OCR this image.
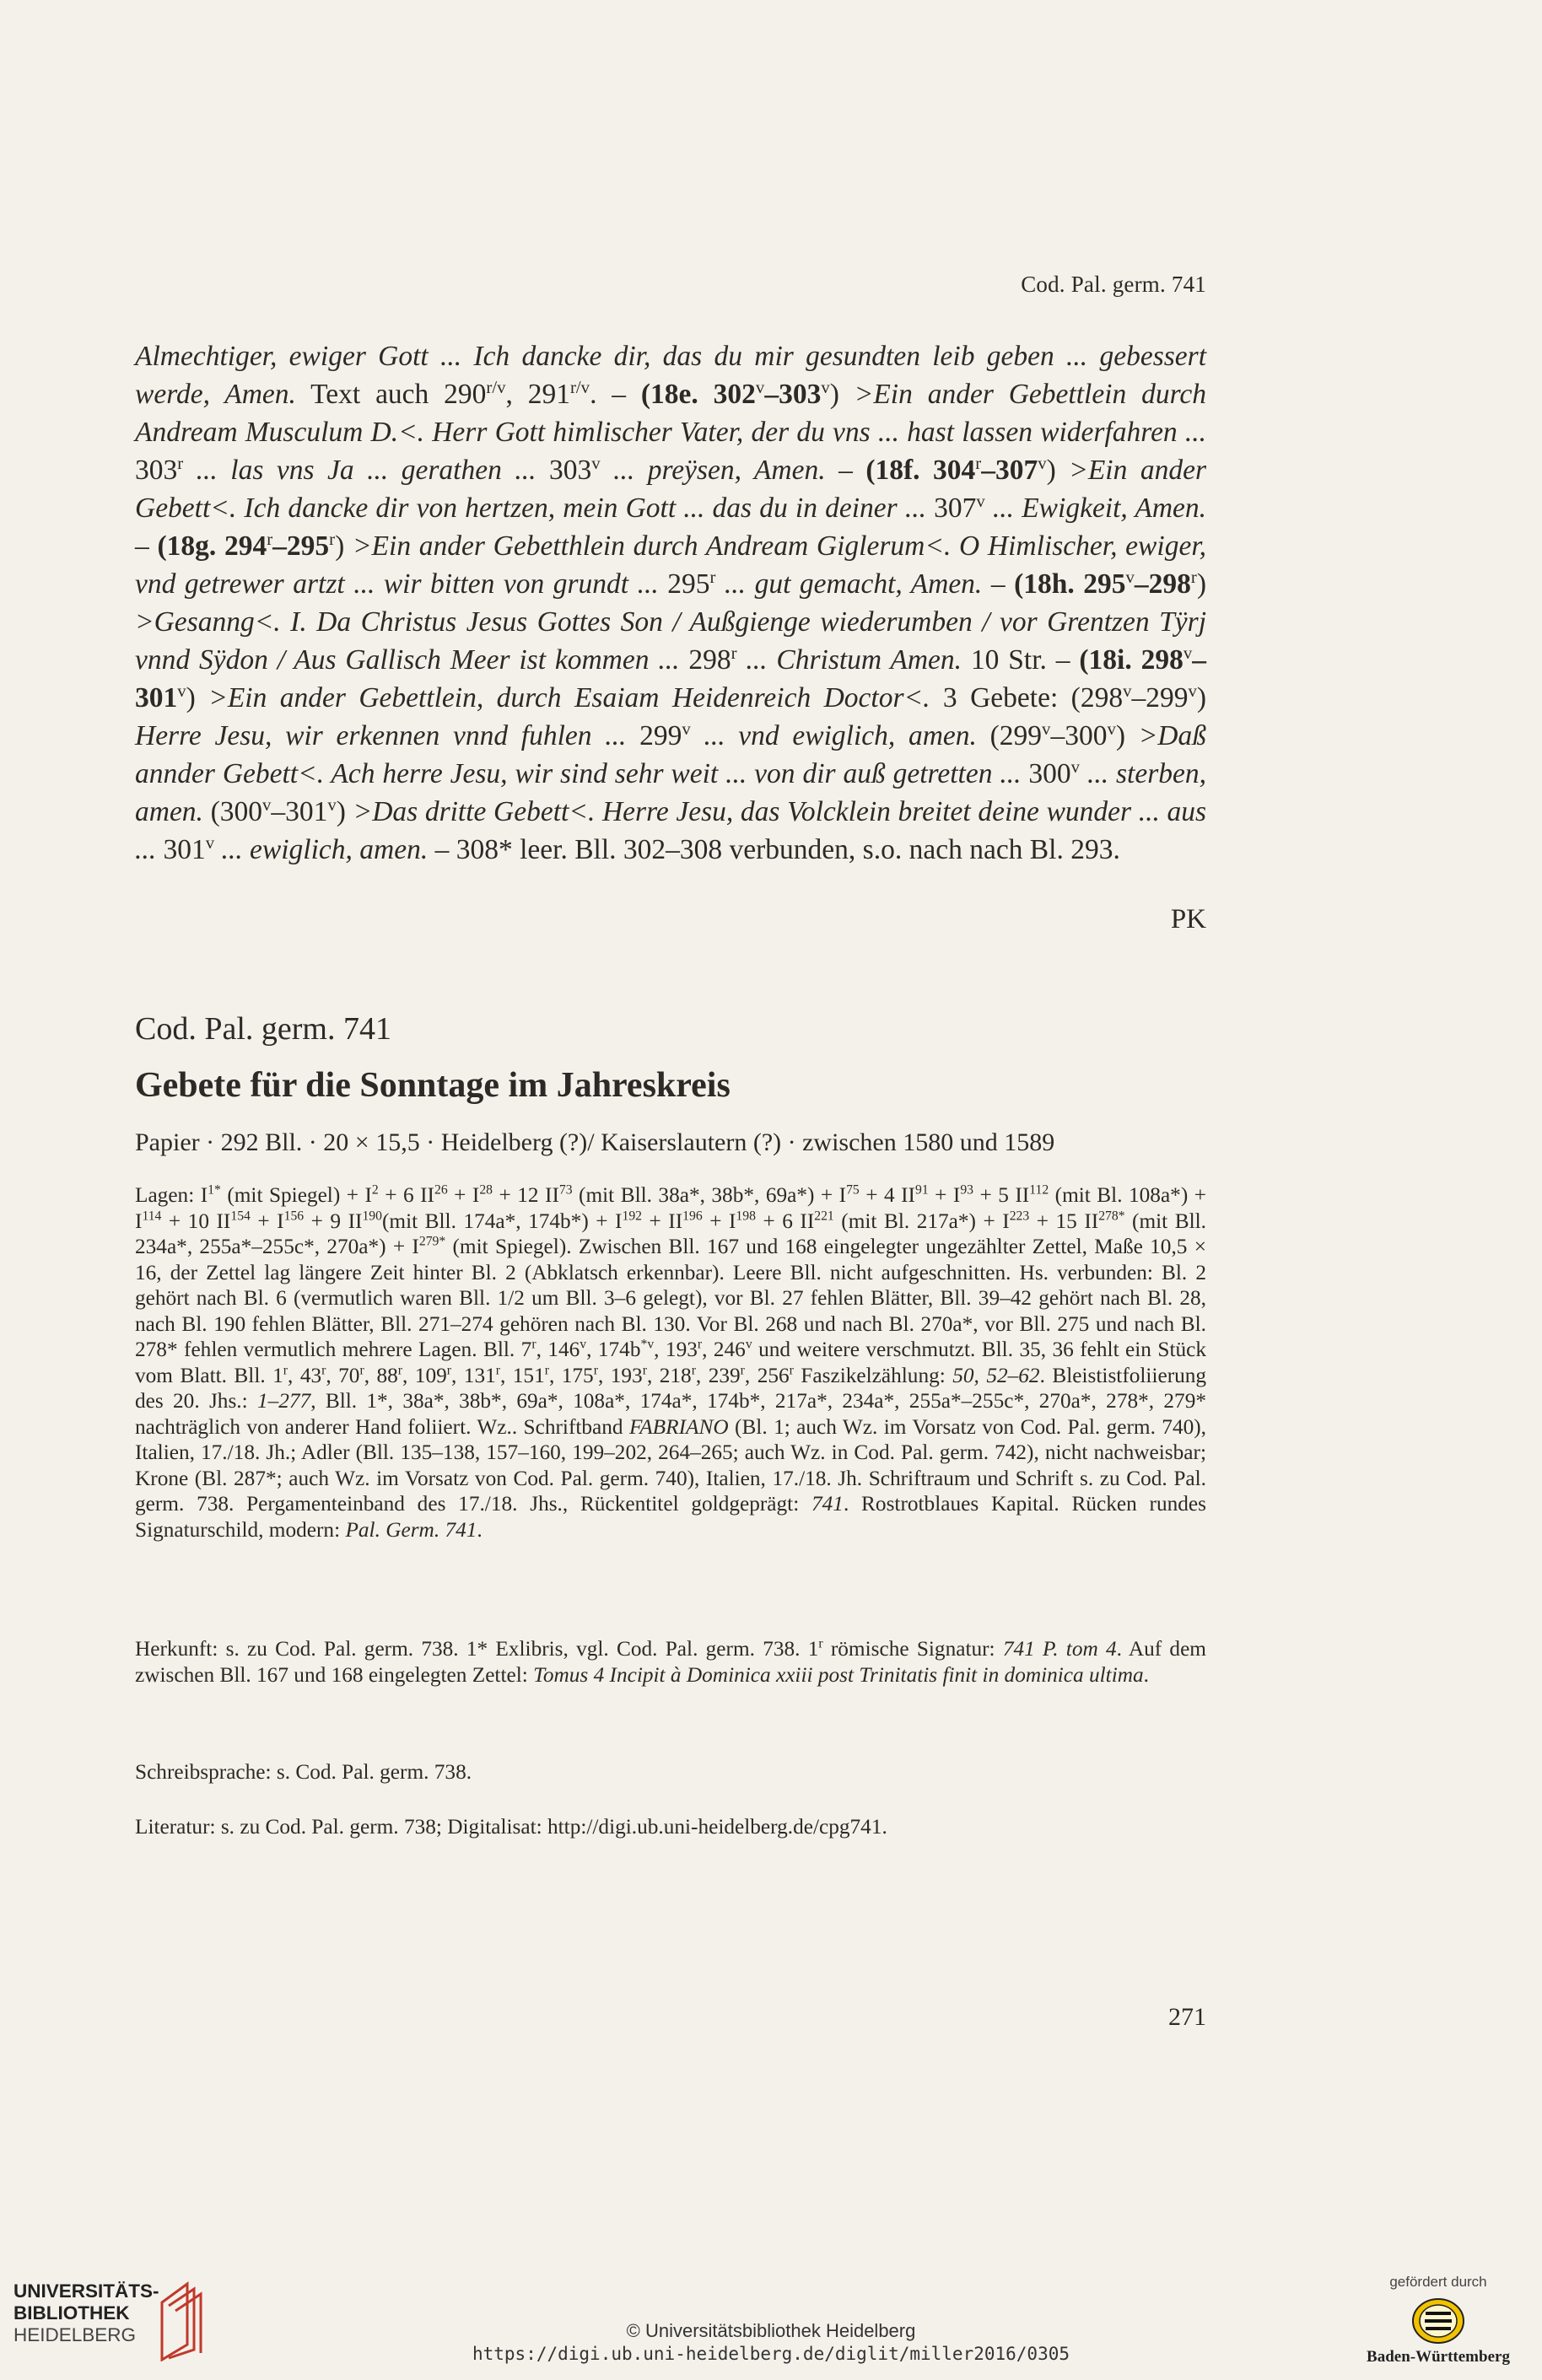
Cod. Pal. germ. 741

Almechtiger, ewiger Gott ... Ich dancke dir, das du mir gesundten leib geben ... gebessert werde, Amen. Text auch $290^{r/v}$, $291^{r/v}$. – (18e. $302^v-303^v) >Ein$ ander Gebettlein durch Andream Musculum D.<. Herr Gott himlischer Vater, der du vns ... hast lassen widerfahren ... 303$^r$ ... las vns Ja ... gerathen ... 303$^v$ ... preÿsen, Amen. – (18f. $304^r-307^v) >Ein$ ander Gebett<. Ich dancke dir von hertzen, mein Gott ... das du in deiner ... 307$^v$ ... Ewigkeit, Amen. – (18g. $294^r-295^r) >Ein$ ander Gebetthlein durch Andream Giglerum<. O Himlischer, ewiger, vnd getrewer artzt ... wir bitten von grundt ... 295$^r$ ... gut gemacht, Amen. – (18h. $295^v-298^r$) >Gesanng<. I. Da Christus Jesus Gottes Son / Außgienge wiederumben / vor Grentzen Tÿrj vnnd Sÿdon / Aus Gallisch Meer ist kommen ... 298$^r$ ... Christum Amen. 10 Str. – (18i. $298^v-301^v) >Ein$ ander Gebettlein, durch Esaiam Heidenreich Doctor<. 3 Gebete: (298$^v$–299$^v$) Herre Jesu, wir erkennen vnnd fuhlen ... 299$^v$ ... vnd ewiglich, amen. $(299^v-300^v)$ >Daß annder Gebett<. Ach herre Jesu, wir sind sehr weit ... von dir auß getretten ... 300$^v$ ... sterben, amen. $(300^v-301^v) >Das$ dritte Gebett<. Herre Jesu, das Volcklein breitet deine wunder ... aus ... 301$^v$ ... ewiglich, amen. – 308* leer. Bll. 302–308 verbunden, s.o. nach nach Bl. 293.

PK
Cod. Pal. germ. 741
Gebete für die Sonntage im Jahreskreis
Papier · 292 Bll. · 20 × 15,5 · Heidelberg (?)/ Kaiserslautern (?) · zwischen 1580 und 1589

Lagen: $I^{1*}$ (mit Spiegel) + $I^2 + 6$ $II^{26} + I^{28} + 12$ II$^{73}$ (mit Bll. 38a*, 38b*, $69a*) + I^{75} + 4$ $II^{91} + I^{93} + 5$ II$^{112}$ (mit Bl. $108a*) + I^{114} + 10$ $II^{154} + I^{156} + 9$ II$^{190}$(mit Bll. 174a*, $174b*) + I^{192} + II^{196} + I^{198} + 6$ II$^{221}$ (mit Bl. $217a*) + I^{223} + 15$ $II^{278*}$ (mit Bll. 234a*, 255a*–255c*, $270a*) + I^{279*}$ (mit Spiegel). Zwischen Bll. 167 und 168 eingelegter ungezählter Zettel, Maße 10,5 × 16, der Zettel lag längere Zeit hinter Bl. 2 (Abklatsch erkennbar). Leere Bll. nicht aufgeschnitten. Hs. verbunden: Bl. 2 gehört nach Bl. 6 (vermutlich waren Bll. 1/2 um Bll. 3–6 gelegt), vor Bl. 27 fehlen Blätter, Bll. 39–42 gehört nach Bl. 28, nach Bl. 190 fehlen Blätter, Bll. 271–274 gehören nach Bl. 130. Vor Bl. 268 und nach Bl. 270a*, vor Bll. 275 und nach Bl. 278* fehlen vermutlich mehrere Lagen. Bll. 7$^r$, 146$^v$, $174b^{*v}$, 193$^r$, 246$^v$ und weitere verschmutzt. Bll. 35, 36 fehlt ein Stück vom Blatt. Bll. 1$^r$, 43$^r$, 70$^r$, 88$^r$, 109$^r$, 131$^r$, 151$^r$, 175$^r$, 193$^r$, 218$^r$, 239$^r$, 256$^r$ Faszikelzählung: 50, 52–62. Bleististfoliierung des 20. Jhs.: 1–277, Bll. 1*, 38a*, 38b*, 69a*, 108a*, 174a*, 174b*, 217a*, 234a*, 255a*–255c*, 270a*, 278*, 279* nachträglich von anderer Hand foliiert. Wz.. Schriftband FABRIANO (Bl. 1; auch Wz. im Vorsatz von Cod. Pal. germ. 740), Italien, 17./18. Jh.; Adler (Bll. 135–138, 157–160, 199–202, 264–265; auch Wz. in Cod. Pal. germ. 742), nicht nachweisbar; Krone (Bl. 287*; auch Wz. im Vorsatz von Cod. Pal. germ. 740), Italien, 17./18. Jh. Schriftraum und Schrift s. zu Cod. Pal. germ. 738. Pergamenteinband des 17./18. Jhs., Rückentitel goldgeprägt: 741. Rostrotblaues Kapital. Rücken rundes Signaturschild, modern: Pal. Germ. 741.

Herkunft: s. zu Cod. Pal. germ. 738. 1* Exlibris, vgl. Cod. Pal. germ. 738. 1$^r$ römische Signatur: 741 P. tom 4. Auf dem zwischen Bll. 167 und 168 eingelegten Zettel: Tomus 4 Incipit à Dominica xxiii post Trinitatis finit in dominica ultima.

Schreibsprache: s. Cod. Pal. germ. 738.

Literatur: s. zu Cod. Pal. germ. 738; Digitalisat: http://digi.ub.uni-heidelberg.de/cpg741.

271
UNIVERSITÄTS-
BIBLIOTHEK
HEIDELBERG	© Universitätsbibliothek Heidelberg
https://digi.ub.uni-heidelberg.de/diglit/miller2016/0305
gefördert durch
Baden-Württemberg
